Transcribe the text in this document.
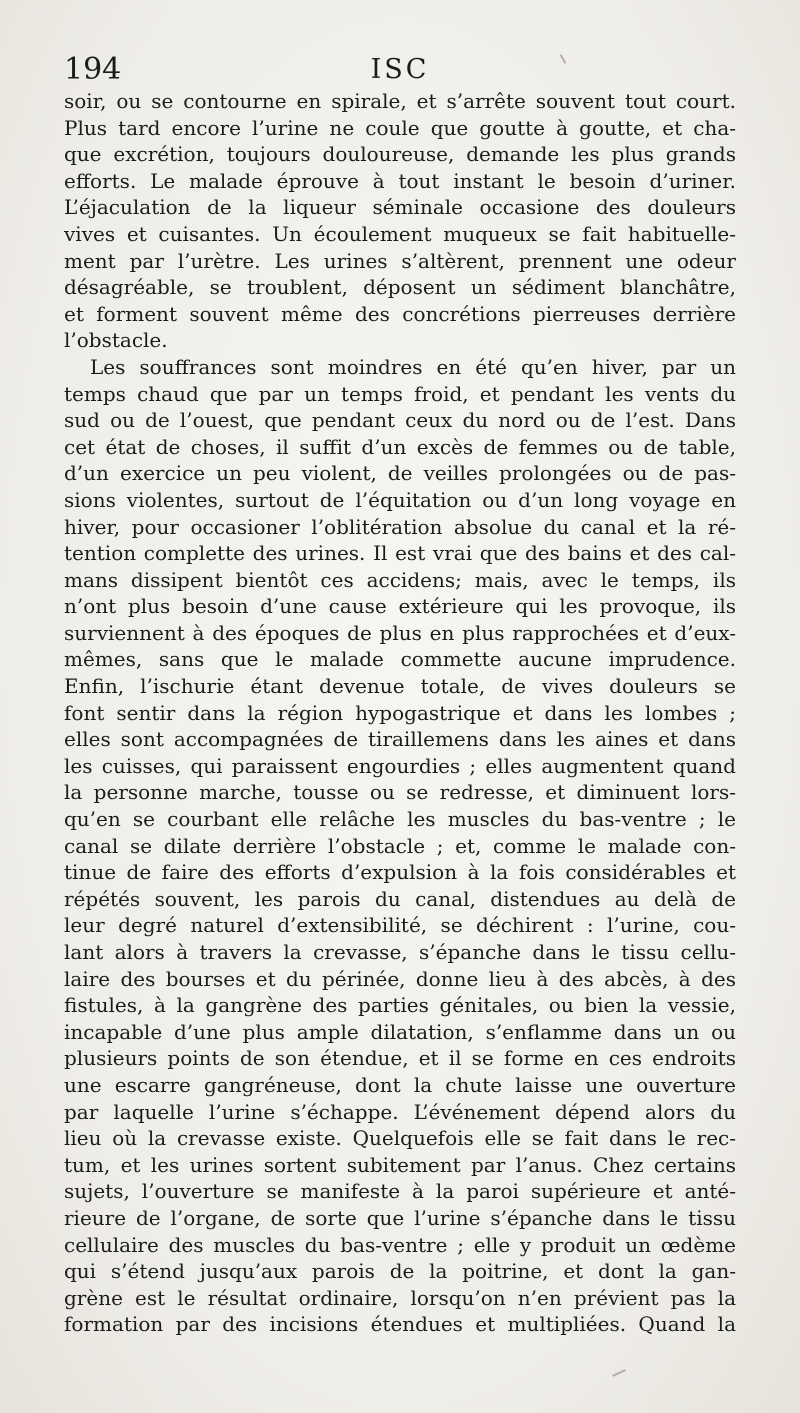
194	ISC
soir, ou se contourne en spirale, et s’arrête souvent tout court.
Plus tard encore l’urine ne coule que goutte à goutte, et cha-
que excrétion, toujours douloureuse, demande les plus grands
efforts. Le malade éprouve à tout instant le besoin d’uriner.
L’éjaculation de la liqueur séminale occasione des douleurs
vives et cuisantes. Un écoulement muqueux se fait habituelle-
ment par l’urètre. Les urines s’altèrent, prennent une odeur
désagréable, se troublent, déposent un sédiment blanchâtre,
et forment souvent même des concrétions pierreuses derrière
l’obstacle.
Les souffrances sont moindres en été qu’en hiver, par un
temps chaud que par un temps froid, et pendant les vents du
sud ou de l’ouest, que pendant ceux du nord ou de l’est. Dans
cet état de choses, il suffit d’un excès de femmes ou de table,
d’un exercice un peu violent, de veilles prolongées ou de pas-
sions violentes, surtout de l’équitation ou d’un long voyage en
hiver, pour occasioner l’oblitération absolue du canal et la ré-
tention complette des urines. Il est vrai que des bains et des cal-
mans dissipent bientôt ces accidens; mais, avec le temps, ils
n’ont plus besoin d’une cause extérieure qui les provoque, ils
surviennent à des époques de plus en plus rapprochées et d’eux-
mêmes, sans que le malade commette aucune imprudence.
Enfin, l’ischurie étant devenue totale, de vives douleurs se
font sentir dans la région hypogastrique et dans les lombes ;
elles sont accompagnées de tiraillemens dans les aines et dans
les cuisses, qui paraissent engourdies ; elles augmentent quand
la personne marche, tousse ou se redresse, et diminuent lors-
qu’en se courbant elle relâche les muscles du bas-ventre ; le
canal se dilate derrière l’obstacle ; et, comme le malade con-
tinue de faire des efforts d’expulsion à la fois considérables et
répétés souvent, les parois du canal, distendues au delà de
leur degré naturel d’extensibilité, se déchirent : l’urine, cou-
lant alors à travers la crevasse, s’épanche dans le tissu cellu-
laire des bourses et du périnée, donne lieu à des abcès, à des
fistules, à la gangrène des parties génitales, ou bien la vessie,
incapable d’une plus ample dilatation, s’enflamme dans un ou
plusieurs points de son étendue, et il se forme en ces endroits
une escarre gangréneuse, dont la chute laisse une ouverture
par laquelle l’urine s’échappe. L’événement dépend alors du
lieu où la crevasse existe. Quelquefois elle se fait dans le rec-
tum, et les urines sortent subitement par l’anus. Chez certains
sujets, l’ouverture se manifeste à la paroi supérieure et anté-
rieure de l’organe, de sorte que l’urine s’épanche dans le tissu
cellulaire des muscles du bas-ventre ; elle y produit un œdème
qui s’étend jusqu’aux parois de la poitrine, et dont la gan-
grène est le résultat ordinaire, lorsqu’on n’en prévient pas la
formation par des incisions étendues et multipliées. Quand la
